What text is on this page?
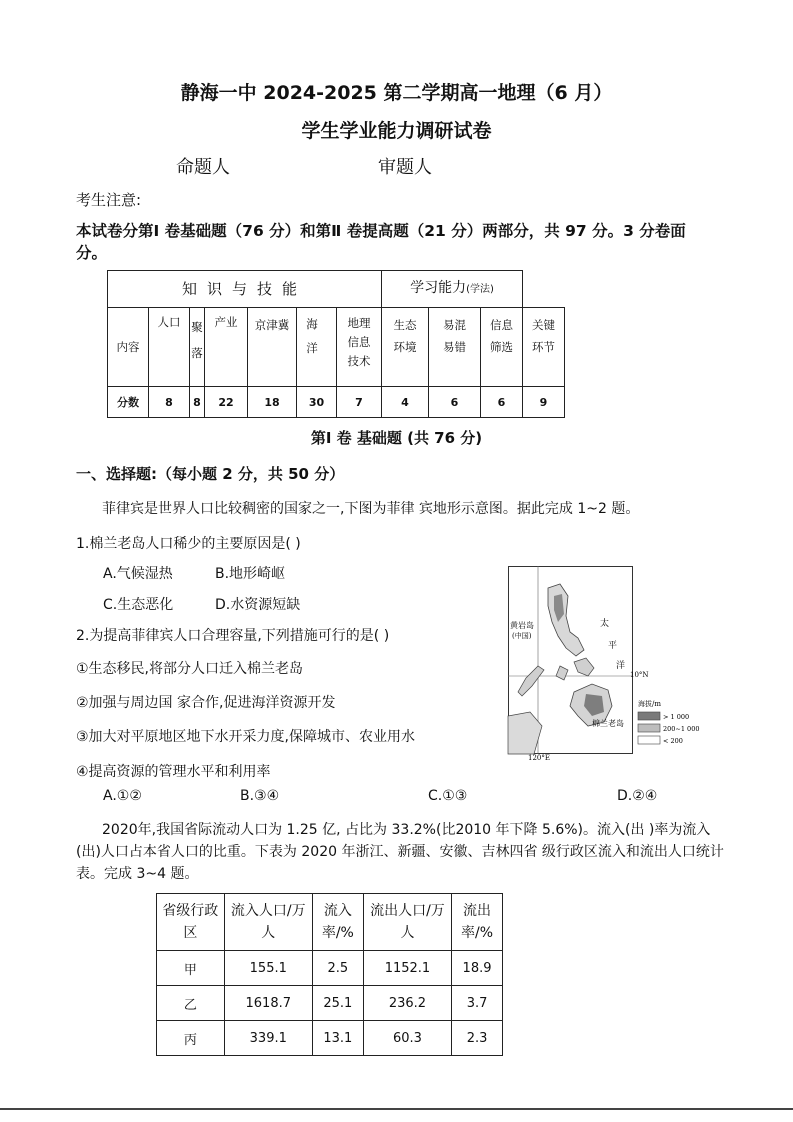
静海一中 2024-2025 第二学期高一地理（6 月）
学生学业能力调研试卷
命题人	审题人
考生注意:
本试卷分第Ⅰ 卷基础题（76 分）和第Ⅱ 卷提高题（21 分）两部分，共 97 分。3 分卷面分。
知识与技能							学习能力(学法)			
内容	人口	聚落	产业	京津冀	海洋	地理信息技术	生态环境	易混易错	信息筛选	关键环节
分数	8	8	22	18	30	7	4	6	6	9
第Ⅰ 卷 基础题 (共 76 分)
一、选择题:（每小题 2 分，共 50 分）
菲律宾是世界人口比较稠密的国家之一,下图为菲律 宾地形示意图。据此完成 1~2 题。
1.棉兰老岛人口稀少的主要原因是( )
A.气候湿热	B.地形崎岖
C.生态恶化	D.水资源短缺
2.为提高菲律宾人口合理容量,下列措施可行的是( )
①生态移民,将部分人口迁入棉兰老岛
②加强与周边国 家合作,促进海洋资源开发
③加大对平原地区地下水开采力度,保障城市、农业用水
④提高资源的管理水平和利用率
A.①②	B.③④	C.①③	D.②④
黄岩岛
(中国)
太
平
洋
10°N
120°E
棉兰老岛
海拔/m
> 1 000
200~1 000
< 200
2020年,我国省际流动人口为 1.25 亿, 占比为 33.2%(比2010 年下降 5.6%)。流入(出 )率为流入(出)人口占本省人口的比重。下表为 2020 年浙江、新疆、安徽、吉林四省 级行政区流入和流出人口统计表。完成 3~4 题。
省级行政区	流入人口/万人	流入率/%	流出人口/万人	流出率/%
甲	155.1	2.5	1152.1	18.9
乙	1618.7	25.1	236.2	3.7
丙	339.1	13.1	60.3	2.3
